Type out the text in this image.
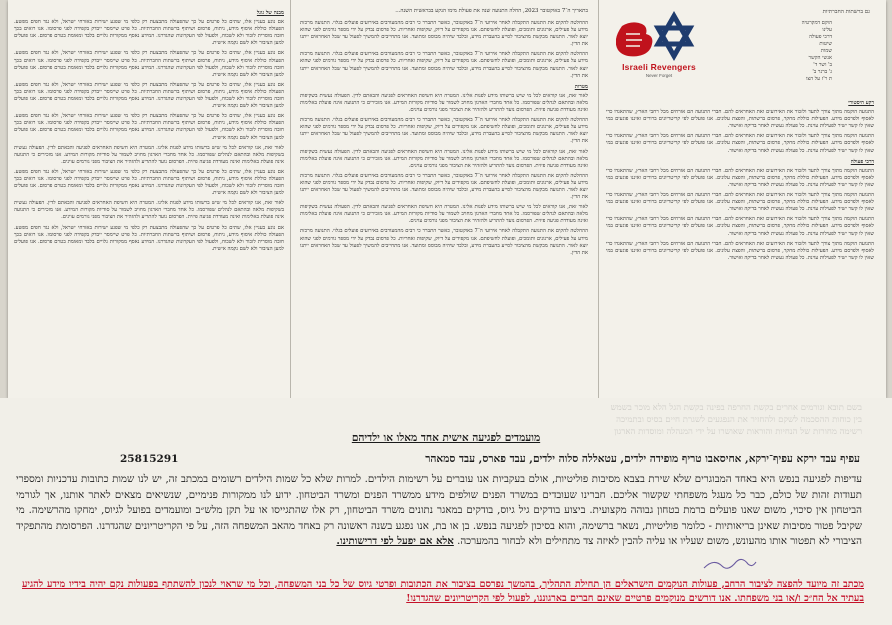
מבנה של גוגל

אם נוגע בעניין אלו, שתים כל פרטים על כך שהפעולה מתבצעת רק כלפי מי שפגע ישירות באזרחי ישראל, ולא נגד חפים מפשע. הפעולה כוללת איסוף מידע, ניתוח, פרסום ושיתוף ברשתות החברתיות. כל פרט שיימסר ייבדק בקפידה לפני פרסומו. אנו רואים בכך חובה מוסרית לזכור ולא לשכוח, ולפעול לפי העקרונות שהגדרנו. המידע נאסף ממקורות גלויים בלבד ומאומת בטרם פרסום. אנו פועלים למען הציבור ולא לשם נקמה אישית.

אם נוגע בעניין אלו, שתים כל פרטים על כך שהפעולה מתבצעת רק כלפי מי שפגע ישירות באזרחי ישראל, ולא נגד חפים מפשע. הפעולה כוללת איסוף מידע, ניתוח, פרסום ושיתוף ברשתות החברתיות. כל פרט שיימסר ייבדק בקפידה לפני פרסומו. אנו רואים בכך חובה מוסרית לזכור ולא לשכוח, ולפעול לפי העקרונות שהגדרנו. המידע נאסף ממקורות גלויים בלבד ומאומת בטרם פרסום. אנו פועלים למען הציבור ולא לשם נקמה אישית.

אם נוגע בעניין אלו, שתים כל פרטים על כך שהפעולה מתבצעת רק כלפי מי שפגע ישירות באזרחי ישראל, ולא נגד חפים מפשע. הפעולה כוללת איסוף מידע, ניתוח, פרסום ושיתוף ברשתות החברתיות. כל פרט שיימסר ייבדק בקפידה לפני פרסומו. אנו רואים בכך חובה מוסרית לזכור ולא לשכוח, ולפעול לפי העקרונות שהגדרנו. המידע נאסף ממקורות גלויים בלבד ומאומת בטרם פרסום. אנו פועלים למען הציבור ולא לשם נקמה אישית.

אם נוגע בעניין אלו, שתים כל פרטים על כך שהפעולה מתבצעת רק כלפי מי שפגע ישירות באזרחי ישראל, ולא נגד חפים מפשע. הפעולה כוללת איסוף מידע, ניתוח, פרסום ושיתוף ברשתות החברתיות. כל פרט שיימסר ייבדק בקפידה לפני פרסומו. אנו רואים בכך חובה מוסרית לזכור ולא לשכוח, ולפעול לפי העקרונות שהגדרנו. המידע נאסף ממקורות גלויים בלבד ומאומת בטרם פרסום. אנו פועלים למען הציבור ולא לשם נקמה אישית.

לאור זאת, אנו קוראים לכל מי שיש ברשותו מידע לפנות אלינו. המטרה היא חשיפת האחראים לפגיעה והבאתם לדין. הפעולה נעשית בשקיפות מלאה ובהתאם לנהלים שפורסמו. כל אחד מחברי הארגון מחויב לשמור על סודיות מקורות המידע. אנו מזכירים כי התנועה אינה פועלת באלימות ואינה מעודדת פגיעה פיזית. הפרסום נועד להתריע ולהזהיר את הציבור מפני גורמים עוינים.

אם נוגע בעניין אלו, שתים כל פרטים על כך שהפעולה מתבצעת רק כלפי מי שפגע ישירות באזרחי ישראל, ולא נגד חפים מפשע. הפעולה כוללת איסוף מידע, ניתוח, פרסום ושיתוף ברשתות החברתיות. כל פרט שיימסר ייבדק בקפידה לפני פרסומו. אנו רואים בכך חובה מוסרית לזכור ולא לשכוח, ולפעול לפי העקרונות שהגדרנו. המידע נאסף ממקורות גלויים בלבד ומאומת בטרם פרסום. אנו פועלים למען הציבור ולא לשם נקמה אישית.

לאור זאת, אנו קוראים לכל מי שיש ברשותו מידע לפנות אלינו. המטרה היא חשיפת האחראים לפגיעה והבאתם לדין. הפעולה נעשית בשקיפות מלאה ובהתאם לנהלים שפורסמו. כל אחד מחברי הארגון מחויב לשמור על סודיות מקורות המידע. אנו מזכירים כי התנועה אינה פועלת באלימות ואינה מעודדת פגיעה פיזית. הפרסום נועד להתריע ולהזהיר את הציבור מפני גורמים עוינים.

אם נוגע בעניין אלו, שתים כל פרטים על כך שהפעולה מתבצעת רק כלפי מי שפגע ישירות באזרחי ישראל, ולא נגד חפים מפשע. הפעולה כוללת איסוף מידע, ניתוח, פרסום ושיתוף ברשתות החברתיות. כל פרט שיימסר ייבדק בקפידה לפני פרסומו. אנו רואים בכך חובה מוסרית לזכור ולא לשכוח, ולפעול לפי העקרונות שהגדרנו. המידע נאסף ממקורות גלויים בלבד ומאומת בטרם פרסום. אנו פועלים למען הציבור ולא לשם נקמה אישית.

בתאריך ה־7 באוקטובר 2023, החלה התנועה שנה את פעולת מימו הנקע בבראשית השנה...

ההחלטה להקים את התנועה התקבלה לאחר אירועי ה־7 באוקטובר, כאשר התברר כי רבים מהמעורבים באירועים פועלים בגלוי. התנועה מרכזת מידע על פעילים, ארגונים ותומכים, ופועלת לחשיפתם. אנו מקפידים על דיוק, שקיפות ואחריות. כל פרסום נבדק על ידי מספר גורמים לפני שהוא יוצא לאור. התנועה מבקשת מהציבור לסייע בהעברת מידע, ובלבד שיהיה מבוסס ומתועד. אנו מתחייבים להמשיך לפעול עד שכל האחראים ייתנו את הדין.

ההחלטה להקים את התנועה התקבלה לאחר אירועי ה־7 באוקטובר, כאשר התברר כי רבים מהמעורבים באירועים פועלים בגלוי. התנועה מרכזת מידע על פעילים, ארגונים ותומכים, ופועלת לחשיפתם. אנו מקפידים על דיוק, שקיפות ואחריות. כל פרסום נבדק על ידי מספר גורמים לפני שהוא יוצא לאור. התנועה מבקשת מהציבור לסייע בהעברת מידע, ובלבד שיהיה מבוסס ומתועד. אנו מתחייבים להמשיך לפעול עד שכל האחראים ייתנו את הדין.

מטרות

לאור זאת, אנו קוראים לכל מי שיש ברשותו מידע לפנות אלינו. המטרה היא חשיפת האחראים לפגיעה והבאתם לדין. הפעולה נעשית בשקיפות מלאה ובהתאם לנהלים שפורסמו. כל אחד מחברי הארגון מחויב לשמור על סודיות מקורות המידע. אנו מזכירים כי התנועה אינה פועלת באלימות ואינה מעודדת פגיעה פיזית. הפרסום נועד להתריע ולהזהיר את הציבור מפני גורמים עוינים.

ההחלטה להקים את התנועה התקבלה לאחר אירועי ה־7 באוקטובר, כאשר התברר כי רבים מהמעורבים באירועים פועלים בגלוי. התנועה מרכזת מידע על פעילים, ארגונים ותומכים, ופועלת לחשיפתם. אנו מקפידים על דיוק, שקיפות ואחריות. כל פרסום נבדק על ידי מספר גורמים לפני שהוא יוצא לאור. התנועה מבקשת מהציבור לסייע בהעברת מידע, ובלבד שיהיה מבוסס ומתועד. אנו מתחייבים להמשיך לפעול עד שכל האחראים ייתנו את הדין.

לאור זאת, אנו קוראים לכל מי שיש ברשותו מידע לפנות אלינו. המטרה היא חשיפת האחראים לפגיעה והבאתם לדין. הפעולה נעשית בשקיפות מלאה ובהתאם לנהלים שפורסמו. כל אחד מחברי הארגון מחויב לשמור על סודיות מקורות המידע. אנו מזכירים כי התנועה אינה פועלת באלימות ואינה מעודדת פגיעה פיזית. הפרסום נועד להתריע ולהזהיר את הציבור מפני גורמים עוינים.

ההחלטה להקים את התנועה התקבלה לאחר אירועי ה־7 באוקטובר, כאשר התברר כי רבים מהמעורבים באירועים פועלים בגלוי. התנועה מרכזת מידע על פעילים, ארגונים ותומכים, ופועלת לחשיפתם. אנו מקפידים על דיוק, שקיפות ואחריות. כל פרסום נבדק על ידי מספר גורמים לפני שהוא יוצא לאור. התנועה מבקשת מהציבור לסייע בהעברת מידע, ובלבד שיהיה מבוסס ומתועד. אנו מתחייבים להמשיך לפעול עד שכל האחראים ייתנו את הדין.

לאור זאת, אנו קוראים לכל מי שיש ברשותו מידע לפנות אלינו. המטרה היא חשיפת האחראים לפגיעה והבאתם לדין. הפעולה נעשית בשקיפות מלאה ובהתאם לנהלים שפורסמו. כל אחד מחברי הארגון מחויב לשמור על סודיות מקורות המידע. אנו מזכירים כי התנועה אינה פועלת באלימות ואינה מעודדת פגיעה פיזית. הפרסום נועד להתריע ולהזהיר את הציבור מפני גורמים עוינים.

ההחלטה להקים את התנועה התקבלה לאחר אירועי ה־7 באוקטובר, כאשר התברר כי רבים מהמעורבים באירועים פועלים בגלוי. התנועה מרכזת מידע על פעילים, ארגונים ותומכים, ופועלת לחשיפתם. אנו מקפידים על דיוק, שקיפות ואחריות. כל פרסום נבדק על ידי מספר גורמים לפני שהוא יוצא לאור. התנועה מבקשת מהציבור לסייע בהעברת מידע, ובלבד שיהיה מבוסס ומתועד. אנו מתחייבים להמשיך לפעול עד שכל האחראים ייתנו את הדין.

Israeli Revengers
Never Forget
גם ברשתות החברתיות
הוקם דמקרטיה
עלינו
דרכי פעולה
שיטות
שמות
אנשי הקשר
ב' ושר ד'
ג' ברנר ב'
ת ר'ז על הצו
רקע היסטורי

התנועה הוקמה מתוך צורך לתעד ולזכור את האירועים ואת האחראים להם. חברי התנועה הם אזרחים מכל רחבי הארץ, שהתאגדו כדי לאסוף ולפרסם מידע. הפעילות כוללת מחקר, פרסום ברשתות, והפצת עלונים. אנו פועלים לפי קריטריונים ברורים ואיננו פוגעים במי שאין לו קשר ישיר לפעילות עוינת. כל פעולה נעשית לאחר בדיקה ואישור.

התנועה הוקמה מתוך צורך לתעד ולזכור את האירועים ואת האחראים להם. חברי התנועה הם אזרחים מכל רחבי הארץ, שהתאגדו כדי לאסוף ולפרסם מידע. הפעילות כוללת מחקר, פרסום ברשתות, והפצת עלונים. אנו פועלים לפי קריטריונים ברורים ואיננו פוגעים במי שאין לו קשר ישיר לפעילות עוינת. כל פעולה נעשית לאחר בדיקה ואישור.

דרכי פעולה

התנועה הוקמה מתוך צורך לתעד ולזכור את האירועים ואת האחראים להם. חברי התנועה הם אזרחים מכל רחבי הארץ, שהתאגדו כדי לאסוף ולפרסם מידע. הפעילות כוללת מחקר, פרסום ברשתות, והפצת עלונים. אנו פועלים לפי קריטריונים ברורים ואיננו פוגעים במי שאין לו קשר ישיר לפעילות עוינת. כל פעולה נעשית לאחר בדיקה ואישור.

התנועה הוקמה מתוך צורך לתעד ולזכור את האירועים ואת האחראים להם. חברי התנועה הם אזרחים מכל רחבי הארץ, שהתאגדו כדי לאסוף ולפרסם מידע. הפעילות כוללת מחקר, פרסום ברשתות, והפצת עלונים. אנו פועלים לפי קריטריונים ברורים ואיננו פוגעים במי שאין לו קשר ישיר לפעילות עוינת. כל פעולה נעשית לאחר בדיקה ואישור.

התנועה הוקמה מתוך צורך לתעד ולזכור את האירועים ואת האחראים להם. חברי התנועה הם אזרחים מכל רחבי הארץ, שהתאגדו כדי לאסוף ולפרסם מידע. הפעילות כוללת מחקר, פרסום ברשתות, והפצת עלונים. אנו פועלים לפי קריטריונים ברורים ואיננו פוגעים במי שאין לו קשר ישיר לפעילות עוינת. כל פעולה נעשית לאחר בדיקה ואישור.

התנועה הוקמה מתוך צורך לתעד ולזכור את האירועים ואת האחראים להם. חברי התנועה הם אזרחים מכל רחבי הארץ, שהתאגדו כדי לאסוף ולפרסם מידע. הפעילות כוללת מחקר, פרסום ברשתות, והפצת עלונים. אנו פועלים לפי קריטריונים ברורים ואיננו פוגעים במי שאין לו קשר ישיר לפעילות עוינת. כל פעולה נעשית לאחר בדיקה ואישור.

בשם תובא וגורמים אחרים בקשת החרפה בפינה בקשת הגל הלא מוכר בשמש
בין כוחות ההסכמה לשקם ולהחזיר את הנפגעים לשגרת חיים בסיס ובתמיכה
רשימה מחורזת של הנחיות והוראות שאושרו על ידי המנהלה ומוסדות הארגון
מועמדים לפגיעה אישית אחד מאלו או ילדיהם
25815291	עפיף עבד ירקא עפיף־ירקא, אחיסאבו טריף מופידה ילדים, עטאללה סלוה ילדים, עבד פארס, עבד סמאהר
עדיפות לפגיעה בנפש היא באחד המבוגרים שלא שירת בצבא מסיבות פוליטיות, אולם בעקביות אנו עוברים על רשימות הילדים. למרות שלא כל שמות הילדים רשומים במכתב זה, יש לנו שמות כתובות עדכניות ומספרי תעודות זהות של כולם, כבר כל מעגל משפחתי שקשור אליכם. חברינו שעובדים במשרד הפנים שולפים מידע ממשרד הפנים ומשרד הביטחון. ידוע לנו ממקורות פנימיים, שנשיאים מצאים לאתר אותנו, אך לגורמי הביטחון אין סיכוי, משום שאנו פועלים ברמת בטחון גבוהה מקצועית. ביצוע בודקים גיל גיוס, בודקים במאגר נתונים משרד הביטחון, רק אלו שהתגייסו או על תקן מלש״ב ומועמדים בפועל לגיוס, ימחקו מהרשימה. מי שקיבל פטור מסיבות שאינן בריאותיות - כלומר פוליטיות, נשאר ברשימה, והוא בסיכון לפגיעה בנפש. בן או בת, אנו נפגע בשנה ראשונה רק באחד מהאב המשפחה הזה, על פי הקריטריונים שהגדרנו. הפרסומת מהתפקיד הציבורי לא תפטור אותו מהעונש, משום שעליו או עליה להבין לאיזה צד מתחילים ולא לבחור בהמערכה. אלא אם יפעל לפי דרישותינו.
מכתב זה מיועד להפצה לציבור הרחב, פעולות הנוקמים הישראלים הן תחילת התהליך, בהמשך נפרסם בציבור את הכתובות ופרטי גיוס של כל בני המשפחה, וכל מי שראוי לנכון להשתתף בפעולות נקם יהיה בידיו מידע להגיע בעתיד אל הח״כ ו/או בני משפחתו. אנו דורשים מנוקמים פרטיים שאינם חברים בארגוננו, לפעול לפי הקריטריונים שהגדרנו!
